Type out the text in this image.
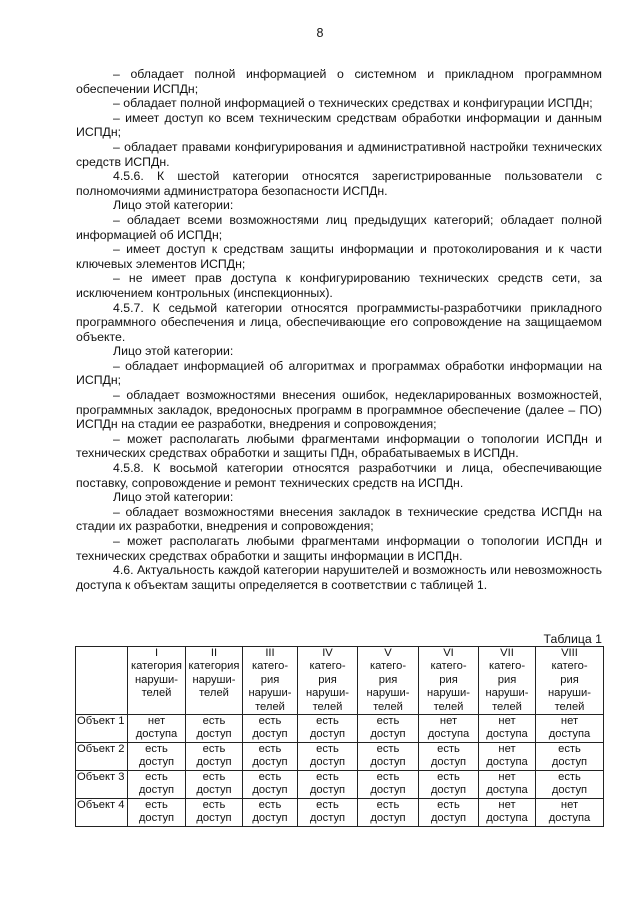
8

– обладает полной информацией о системном и прикладном программном обеспечении ИСПДн;

– обладает полной информацией о технических средствах и конфигурации ИСПДн;

– имеет доступ ко всем техническим средствам обработки информации и данным ИСПДн;

– обладает правами конфигурирования и административной настройки технических средств ИСПДн.

4.5.6. К шестой категории относятся зарегистрированные пользователи с полномочиями администратора безопасности ИСПДн.

Лицо этой категории:

– обладает всеми возможностями лиц предыдущих категорий; обладает полной информацией об ИСПДн;

– имеет доступ к средствам защиты информации и протоколирования и к части ключевых элементов ИСПДн;

– не имеет прав доступа к конфигурированию технических средств сети, за исключением контрольных (инспекционных).

4.5.7. К седьмой категории относятся программисты-разработчики прикладного программного обеспечения и лица, обеспечивающие его сопровождение на защищаемом объекте.

Лицо этой категории:

– обладает информацией об алгоритмах и программах обработки информации на ИСПДн;

– обладает возможностями внесения ошибок, недекларированных возможностей, программных закладок, вредоносных программ в программное обеспечение (далее – ПО) ИСПДн на стадии ее разработки, внедрения и сопровождения;

– может располагать любыми фрагментами информации о топологии ИСПДн и технических средствах обработки и защиты ПДн, обрабатываемых в ИСПДн.

4.5.8. К восьмой категории относятся разработчики и лица, обеспечивающие поставку, сопровождение и ремонт технических средств на ИСПДн.

Лицо этой категории:

– обладает возможностями внесения закладок в технические средства ИСПДн на стадии их разработки, внедрения и сопровождения;

– может располагать любыми фрагментами информации о топологии ИСПДн и технических средствах обработки и защиты информации в ИСПДн.

4.6. Актуальность каждой категории нарушителей и возможность или невозможность доступа к объектам защиты определяется в соответствии с таблицей 1.

Таблица 1
	I
категория
наруши-
телей	II
категория
наруши-
телей	III
катего-
рия
наруши-
телей	IV
катего-
рия
наруши-
телей	V
катего-
рия
наруши-
телей	VI
катего-
рия
наруши-
телей	VII
катего-
рия
наруши-
телей	VIII
катего-
рия
наруши-
телей
Объект 1	нет
доступа	есть
доступ	есть
доступ	есть
доступ	есть
доступ	нет
доступа	нет
доступа	нет
доступа
Объект 2	есть
доступ	есть
доступ	есть
доступ	есть
доступ	есть
доступ	есть
доступ	нет
доступа	есть
доступ
Объект 3	есть
доступ	есть
доступ	есть
доступ	есть
доступ	есть
доступ	есть
доступ	нет
доступа	есть
доступ
Объект 4	есть
доступ	есть
доступ	есть
доступ	есть
доступ	есть
доступ	есть
доступ	нет
доступа	нет
доступа
